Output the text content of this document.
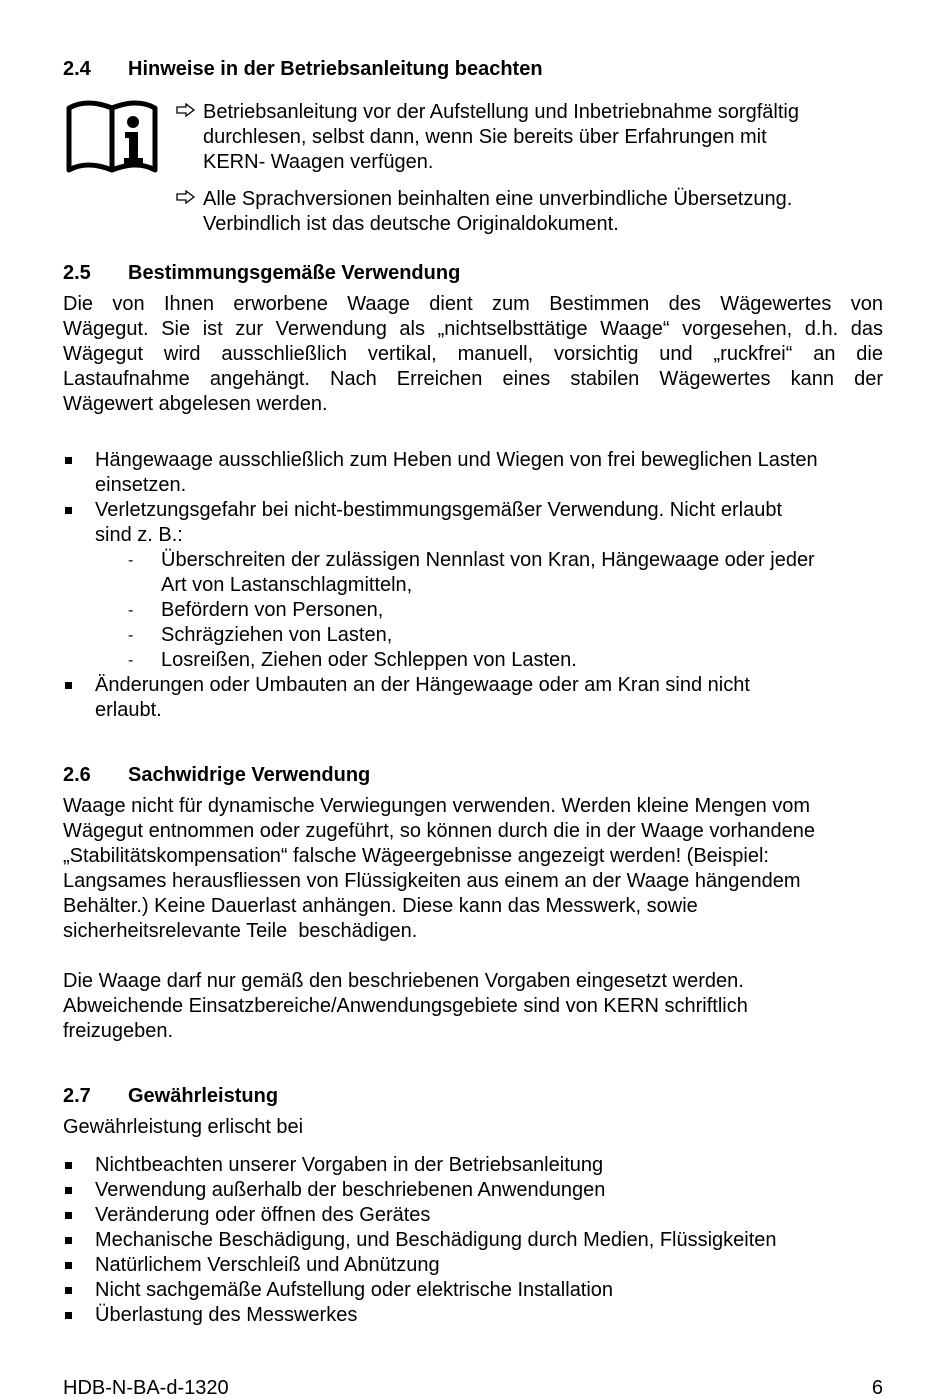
2.4 Hinweise in der Betriebsanleitung beachten
Betriebsanleitung vor der Aufstellung und Inbetriebnahme sorgfältig
durchlesen, selbst dann, wenn Sie bereits über Erfahrungen mit
KERN- Waagen verfügen.
Alle Sprachversionen beinhalten eine unverbindliche Übersetzung.
Verbindlich ist das deutsche Originaldokument.
2.5 Bestimmungsgemäße Verwendung
Die von Ihnen erworbene Waage dient zum Bestimmen des Wägewertes von
Wägegut. Sie ist zur Verwendung als „nichtselbsttätige Waage“ vorgesehen, d.h. das
Wägegut wird ausschließlich vertikal, manuell, vorsichtig und „ruckfrei“ an die
Lastaufnahme angehängt. Nach Erreichen eines stabilen Wägewertes kann der
Wägewert abgelesen werden.
Hängewaage ausschließlich zum Heben und Wiegen von frei beweglichen Lasten
einsetzen.
Verletzungsgefahr bei nicht-bestimmungsgemäßer Verwendung. Nicht erlaubt
sind z. B.:
- Überschreiten der zulässigen Nennlast von Kran, Hängewaage oder jeder
Art von Lastanschlagmitteln,
- Befördern von Personen,
- Schrägziehen von Lasten,
- Losreißen, Ziehen oder Schleppen von Lasten.
Änderungen oder Umbauten an der Hängewaage oder am Kran sind nicht
erlaubt.
2.6 Sachwidrige Verwendung
Waage nicht für dynamische Verwiegungen verwenden. Werden kleine Mengen vom
Wägegut entnommen oder zugeführt, so können durch die in der Waage vorhandene
„Stabilitätskompensation“ falsche Wägeergebnisse angezeigt werden! (Beispiel:
Langsames herausfliessen von Flüssigkeiten aus einem an der Waage hängendem
Behälter.) Keine Dauerlast anhängen. Diese kann das Messwerk, sowie
sicherheitsrelevante Teile  beschädigen.
Die Waage darf nur gemäß den beschriebenen Vorgaben eingesetzt werden.
Abweichende Einsatzbereiche/Anwendungsgebiete sind von KERN schriftlich
freizugeben.
2.7 Gewährleistung
Gewährleistung erlischt bei
Nichtbeachten unserer Vorgaben in der Betriebsanleitung
Verwendung außerhalb der beschriebenen Anwendungen
Veränderung oder öffnen des Gerätes
Mechanische Beschädigung, und Beschädigung durch Medien, Flüssigkeiten
Natürlichem Verschleiß und Abnützung
Nicht sachgemäße Aufstellung oder elektrische Installation
Überlastung des Messwerkes
HDB-N-BA-d-1320	6
